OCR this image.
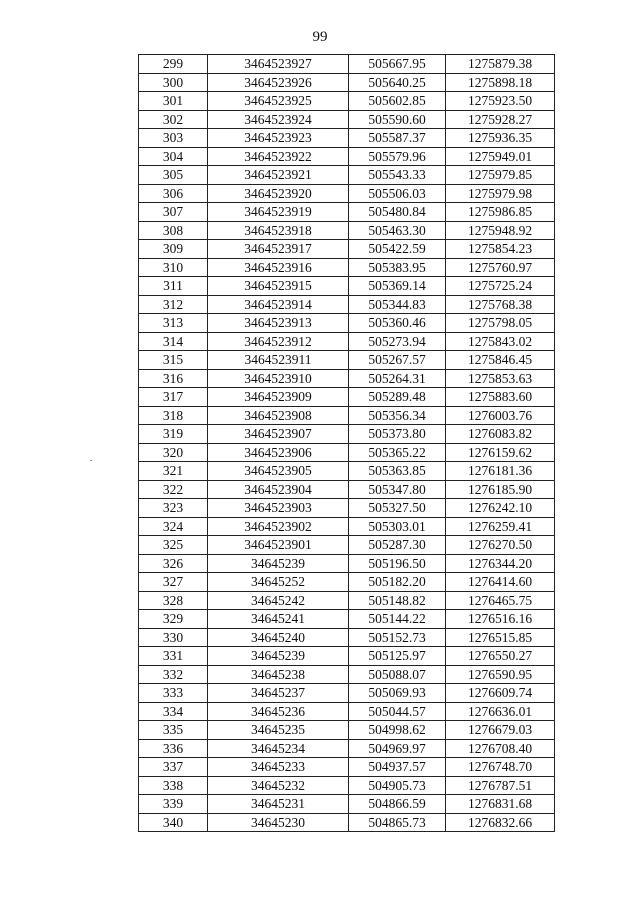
99
299	3464523927	505667.95	1275879.38
300	3464523926	505640.25	1275898.18
301	3464523925	505602.85	1275923.50
302	3464523924	505590.60	1275928.27
303	3464523923	505587.37	1275936.35
304	3464523922	505579.96	1275949.01
305	3464523921	505543.33	1275979.85
306	3464523920	505506.03	1275979.98
307	3464523919	505480.84	1275986.85
308	3464523918	505463.30	1275948.92
309	3464523917	505422.59	1275854.23
310	3464523916	505383.95	1275760.97
311	3464523915	505369.14	1275725.24
312	3464523914	505344.83	1275768.38
313	3464523913	505360.46	1275798.05
314	3464523912	505273.94	1275843.02
315	3464523911	505267.57	1275846.45
316	3464523910	505264.31	1275853.63
317	3464523909	505289.48	1275883.60
318	3464523908	505356.34	1276003.76
319	3464523907	505373.80	1276083.82
320	3464523906	505365.22	1276159.62
321	3464523905	505363.85	1276181.36
322	3464523904	505347.80	1276185.90
323	3464523903	505327.50	1276242.10
324	3464523902	505303.01	1276259.41
325	3464523901	505287.30	1276270.50
326	34645239	505196.50	1276344.20
327	34645252	505182.20	1276414.60
328	34645242	505148.82	1276465.75
329	34645241	505144.22	1276516.16
330	34645240	505152.73	1276515.85
331	34645239	505125.97	1276550.27
332	34645238	505088.07	1276590.95
333	34645237	505069.93	1276609.74
334	34645236	505044.57	1276636.01
335	34645235	504998.62	1276679.03
336	34645234	504969.97	1276708.40
337	34645233	504937.57	1276748.70
338	34645232	504905.73	1276787.51
339	34645231	504866.59	1276831.68
340	34645230	504865.73	1276832.66
